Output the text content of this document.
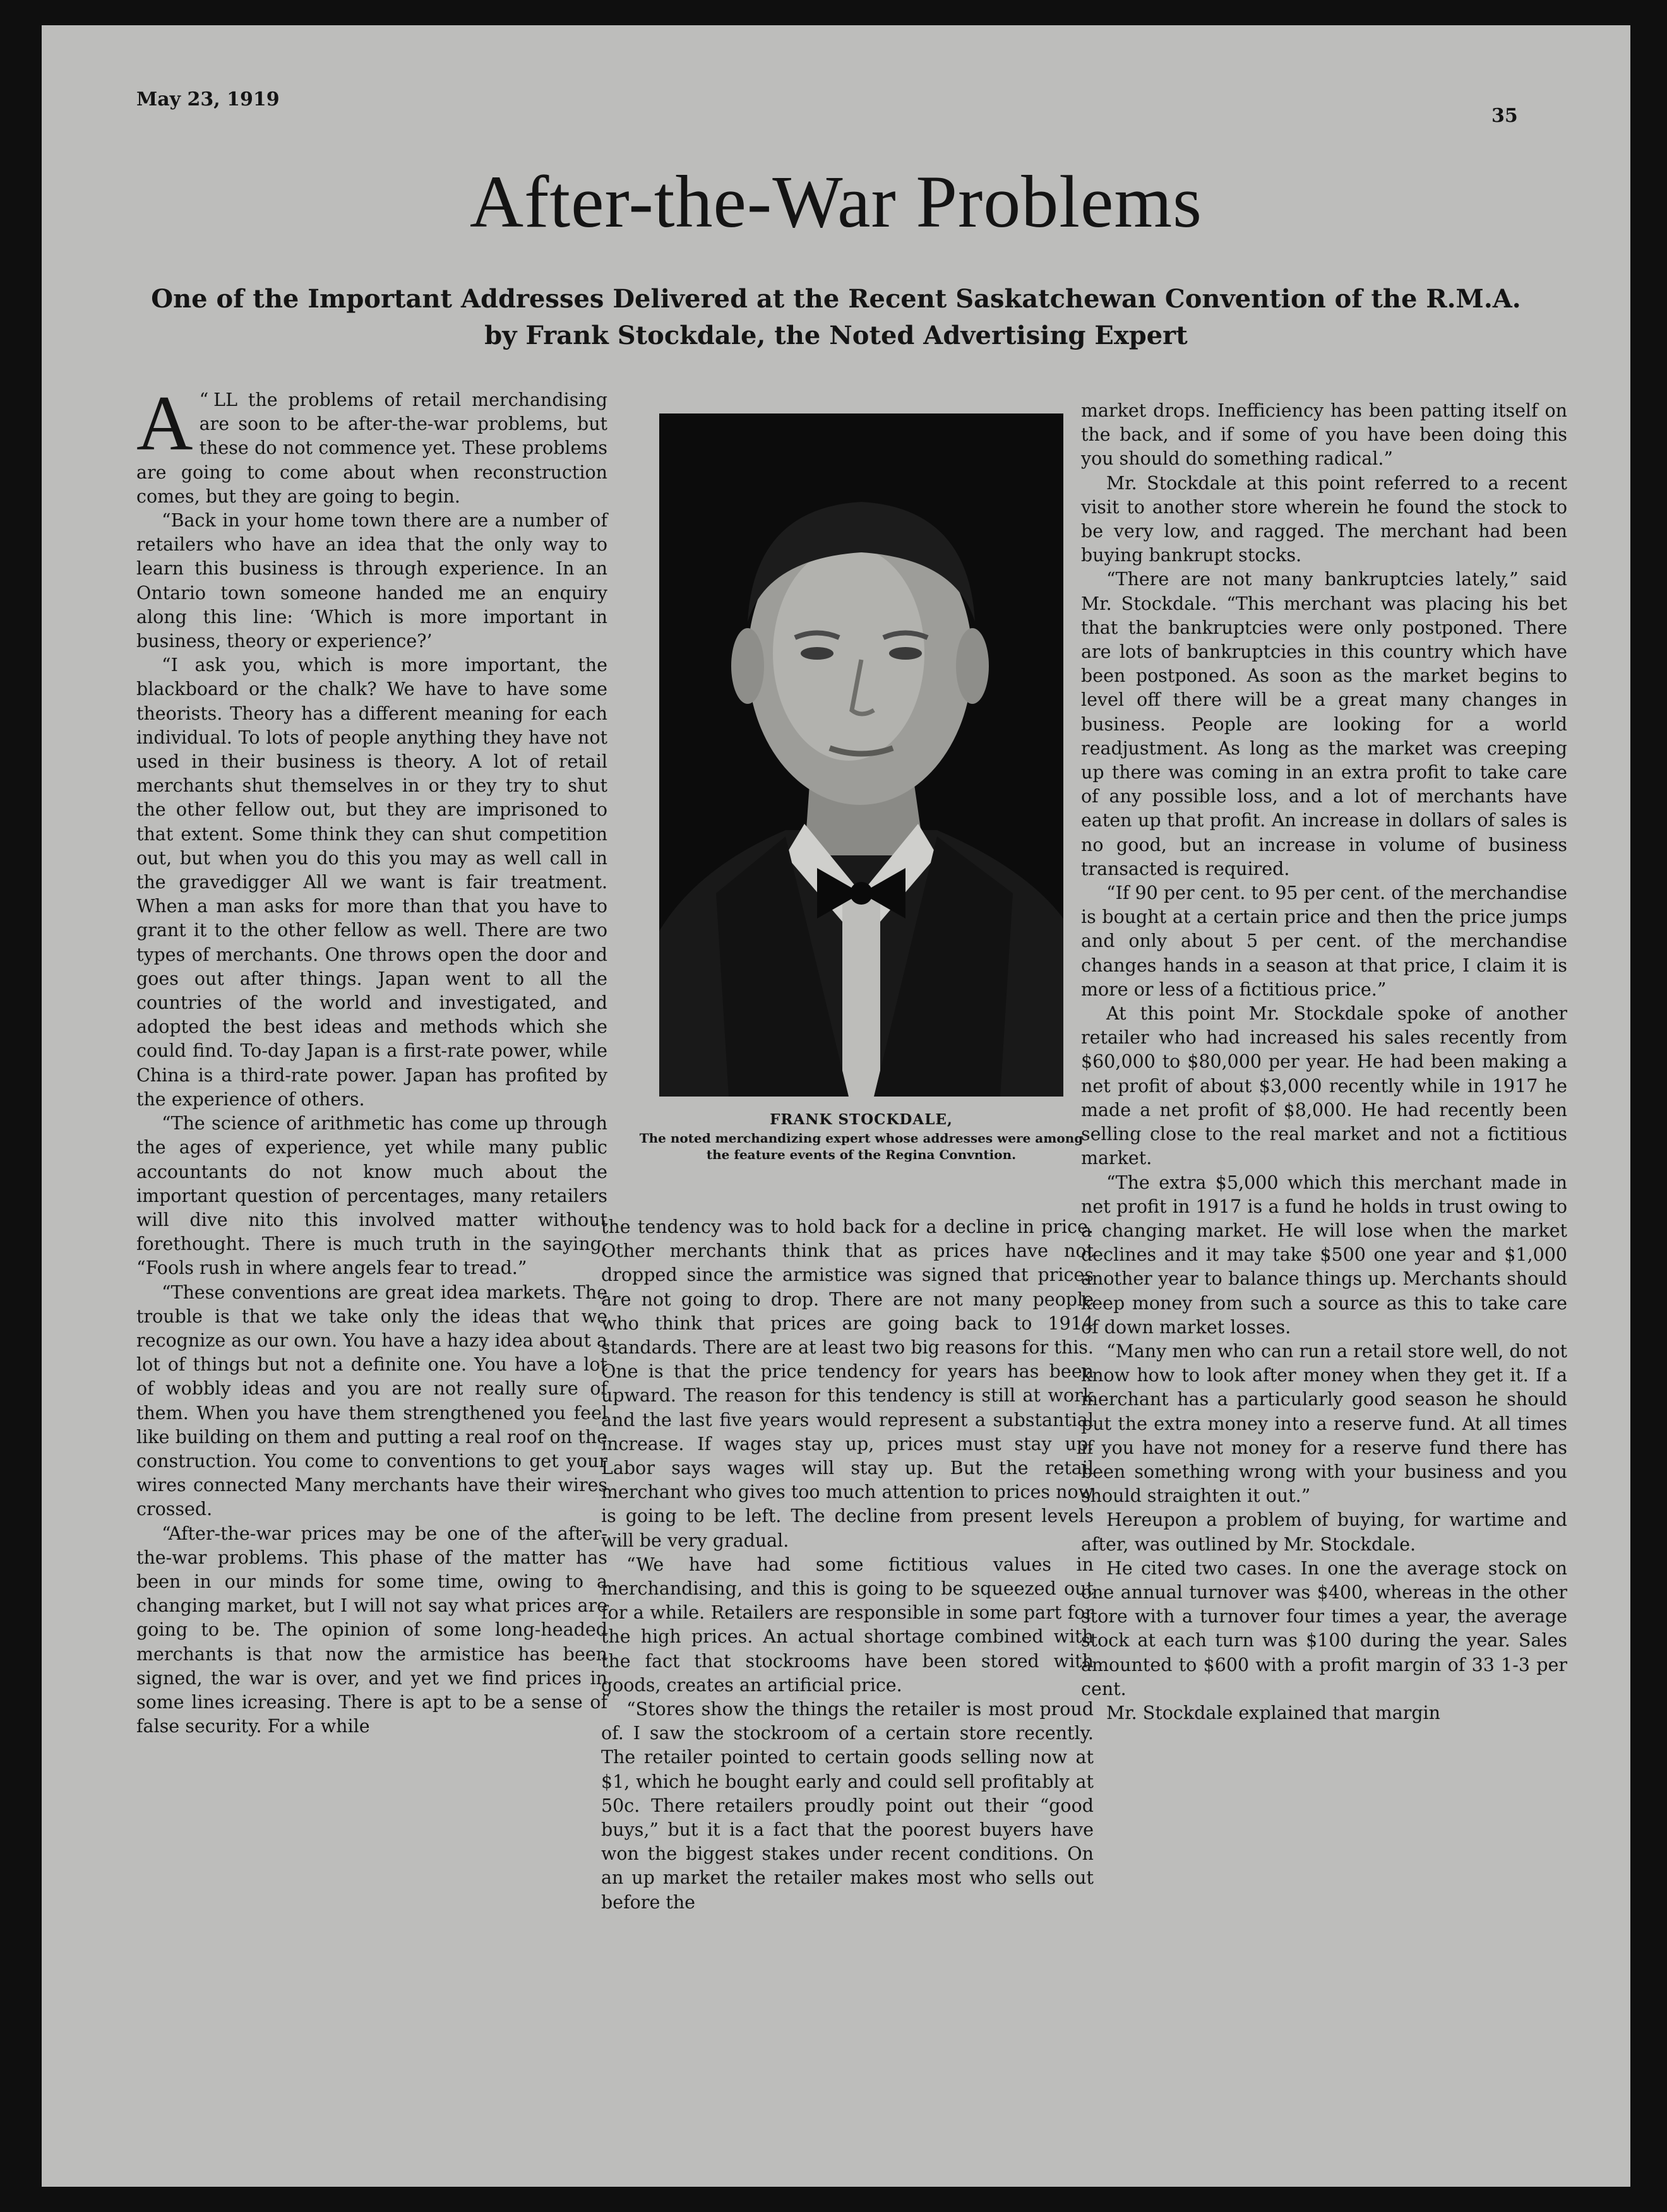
May 23, 1919
35
After-the-War Problems
One of the Important Addresses Delivered at the Recent Saskatchewan Convention of the R.M.A. by Frank Stockdale, the Noted Advertising Expert

“
A LL the problems of retail merchandising are soon to be after-the-war problems, but these do not commence yet. These problems are going to come about when reconstruction comes, but they are going to begin.

“Back in your home town there are a number of retailers who have an idea that the only way to learn this business is through experience. In an Ontario town someone handed me an enquiry along this line: ‘Which is more important in business, theory or experience?’

“I ask you, which is more important, the blackboard or the chalk? We have to have some theorists. Theory has a different meaning for each individual. To lots of people anything they have not used in their business is theory. A lot of retail merchants shut themselves in or they try to shut the other fellow out, but they are imprisoned to that extent. Some think they can shut competition out, but when you do this you may as well call in the gravedigger All we want is fair treatment. When a man asks for more than that you have to grant it to the other fellow as well. There are two types of merchants. One throws open the door and goes out after things. Japan went to all the countries of the world and investigated, and adopted the best ideas and methods which she could find. To-day Japan is a first-rate power, while China is a third-rate power. Japan has profited by the experience of others.

“The science of arithmetic has come up through the ages of experience, yet while many public accountants do not know much about the important question of percentages, many retailers will dive nito this involved matter without forethought. There is much truth in the saying, “Fools rush in where angels fear to tread.”

“These conventions are great idea markets. The trouble is that we take only the ideas that we recognize as our own. You have a hazy idea about a lot of things but not a definite one. You have a lot of wobbly ideas and you are not really sure of them. When you have them strengthened you feel like building on them and putting a real roof on the construction. You come to conventions to get your wires connected Many merchants have their wires crossed.

“After-the-war prices may be one of the after-the-war problems. This phase of the matter has been in our minds for some time, owing to a changing market, but I will not say what prices are going to be. The opinion of some long-headed merchants is that now the armistice has been signed, the war is over, and yet we find prices in some lines icreasing. There is apt to be a sense of false security. For a while

FRANK STOCKDALE,
The noted merchandizing expert whose addresses were among the feature events of the Regina Convntion.

the tendency was to hold back for a decline in price. Other merchants think that as prices have not dropped since the armistice was signed that prices are not going to drop. There are not many people who think that prices are going back to 1914 standards. There are at least two big reasons for this. One is that the price tendency for years has been upward. The reason for this tendency is still at work and the last five years would represent a substantial increase. If wages stay up, prices must stay up. Labor says wages will stay up. But the retail merchant who gives too much attention to prices now is going to be left. The decline from present levels will be very gradual.

“We have had some fictitious values in merchandising, and this is going to be squeezed out for a while. Retailers are responsible in some part for the high prices. An actual shortage combined with the fact that stockrooms have been stored with goods, creates an artificial price.

“Stores show the things the retailer is most proud of. I saw the stockroom of a certain store recently. The retailer pointed to certain goods selling now at $1, which he bought early and could sell profitably at 50c. There retailers proudly point out their “good buys,” but it is a fact that the poorest buyers have won the biggest stakes under recent conditions. On an up market the retailer makes most who sells out before the

market drops. Inefficiency has been patting itself on the back, and if some of you have been doing this you should do something radical.”

Mr. Stockdale at this point referred to a recent visit to another store wherein he found the stock to be very low, and ragged. The merchant had been buying bankrupt stocks.

“There are not many bankruptcies lately,” said Mr. Stockdale. “This merchant was placing his bet that the bankruptcies were only postponed. There are lots of bankruptcies in this country which have been postponed. As soon as the market begins to level off there will be a great many changes in business. People are looking for a world readjustment. As long as the market was creeping up there was coming in an extra profit to take care of any possible loss, and a lot of merchants have eaten up that profit. An increase in dollars of sales is no good, but an increase in volume of business transacted is required.

“If 90 per cent. to 95 per cent. of the merchandise is bought at a certain price and then the price jumps and only about 5 per cent. of the merchandise changes hands in a season at that price, I claim it is more or less of a fictitious price.”

At this point Mr. Stockdale spoke of another retailer who had increased his sales recently from $60,000 to $80,000 per year. He had been making a net profit of about $3,000 recently while in 1917 he made a net profit of $8,000. He had recently been selling close to the real market and not a fictitious market.

“The extra $5,000 which this merchant made in net profit in 1917 is a fund he holds in trust owing to a changing market. He will lose when the market declines and it may take $500 one year and $1,000 another year to balance things up. Merchants should keep money from such a source as this to take care of down market losses.

“Many men who can run a retail store well, do not know how to look after money when they get it. If a merchant has a particularly good season he should put the extra money into a reserve fund. At all times if you have not money for a reserve fund there has been something wrong with your business and you should straighten it out.”

Hereupon a problem of buying, for wartime and after, was outlined by Mr. Stockdale.

He cited two cases. In one the average stock on one annual turnover was $400, whereas in the other store with a turnover four times a year, the average stock at each turn was $100 during the year. Sales amounted to $600 with a profit margin of 33 1-3 per cent.

Mr. Stockdale explained that margin
